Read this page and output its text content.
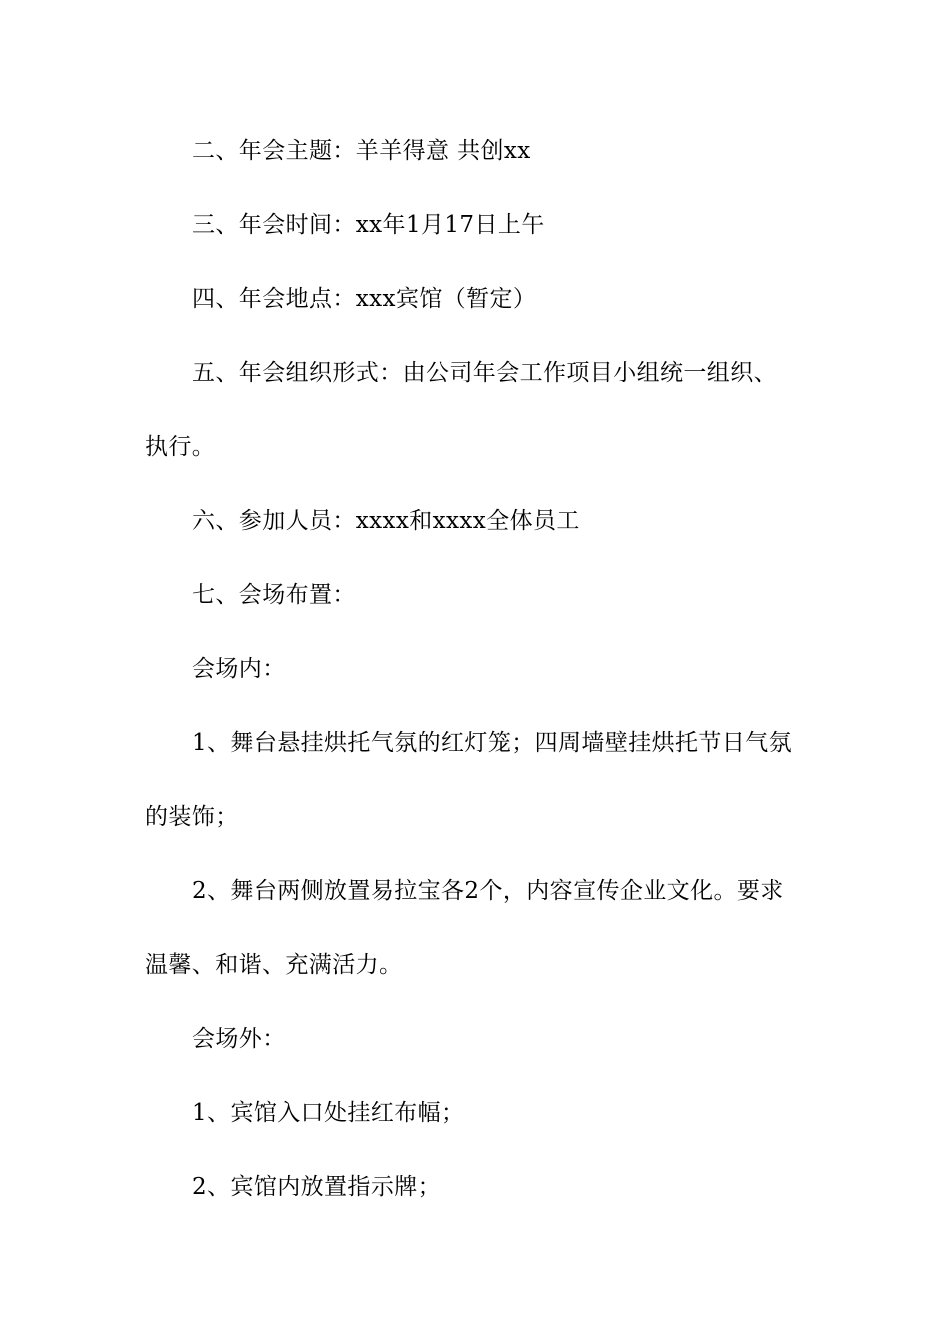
二、年会主题：羊羊得意 共创xx
三、年会时间：xx年1月17日上午
四、年会地点：xxx宾馆（暂定）
五、年会组织形式：由公司年会工作项目小组统一组织、
执行。
六、参加人员：xxxx和xxxx全体员工
七、会场布置：
会场内：
1、舞台悬挂烘托气氛的红灯笼；四周墙壁挂烘托节日气氛
的装饰；
2、舞台两侧放置易拉宝各2个，内容宣传企业文化。要求
温馨、和谐、充满活力。
会场外：
1、宾馆入口处挂红布幅；
2、宾馆内放置指示牌；
